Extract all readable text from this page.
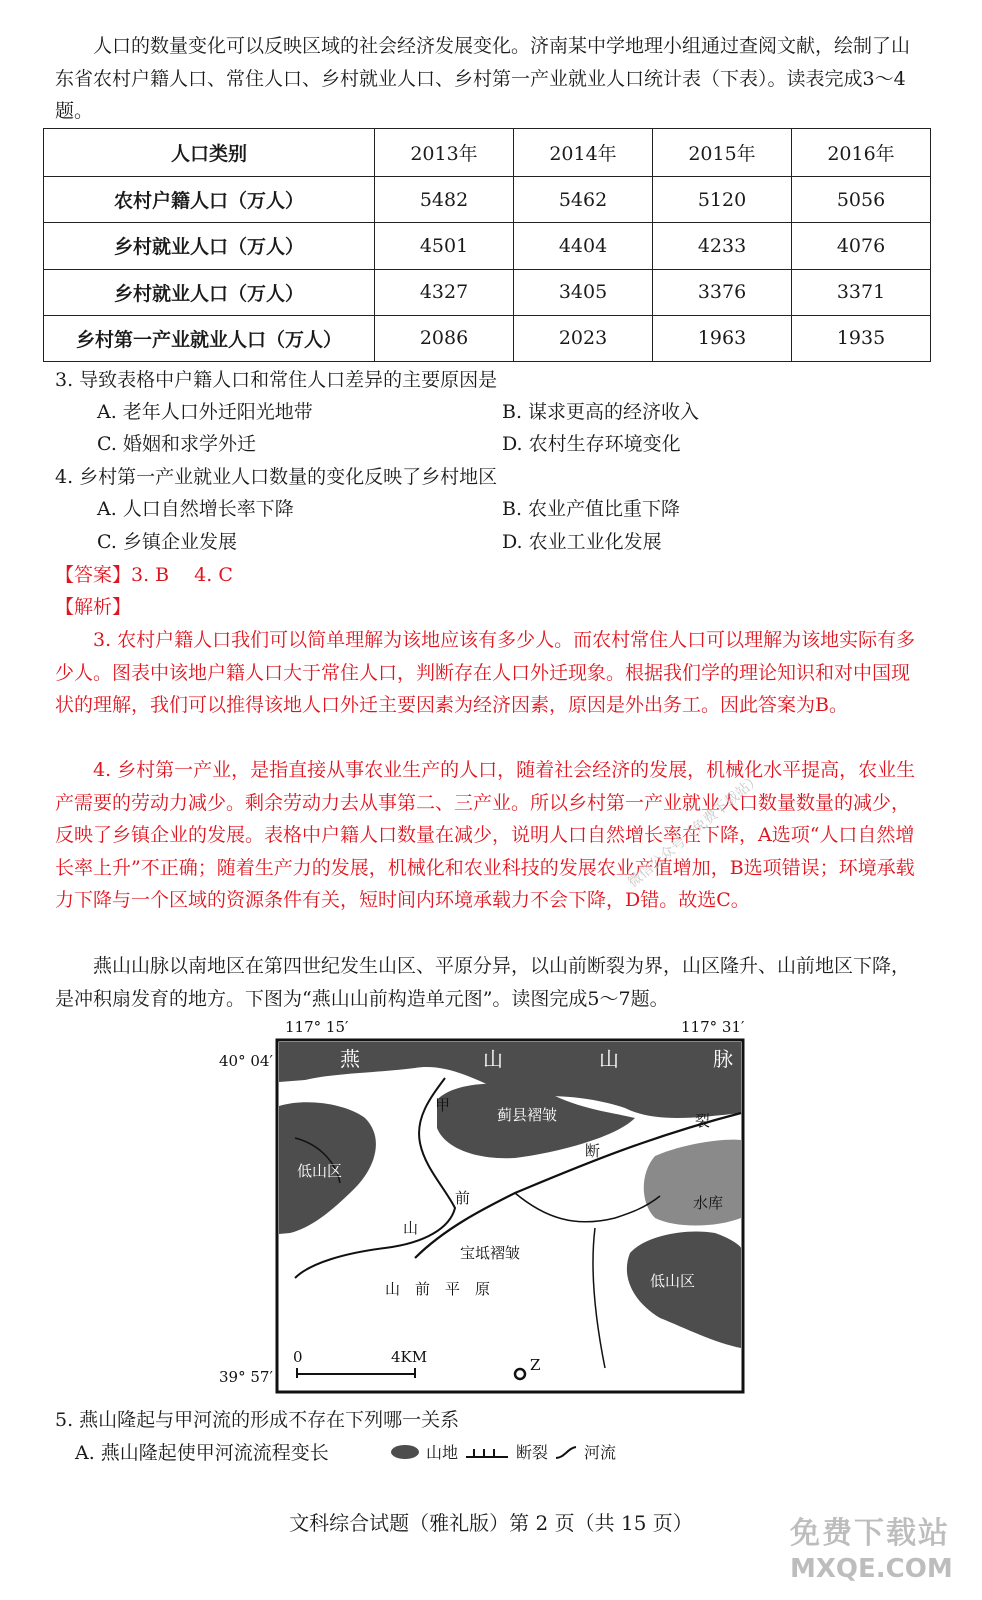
人口的数量变化可以反映区域的社会经济发展变化。济南某中学地理小组通过查阅文献，绘制了山东省农村户籍人口、常住人口、乡村就业人口、乡村第一产业就业人口统计表（下表）。读表完成3～4题。

人口类别	2013年	2014年	2015年	2016年
农村户籍人口（万人）	5482	5462	5120	5056
乡村就业人口（万人）	4501	4404	4233	4076
乡村就业人口（万人）	4327	3405	3376	3371
乡村第一产业就业人口（万人）	2086	2023	1963	1935

3. 导致表格中户籍人口和常住人口差异的主要原因是

A. 老年人口外迁阳光地带	B. 谋求更高的经济收入

C. 婚姻和求学外迁	D. 农村生存环境变化

4. 乡村第一产业就业人口数量的变化反映了乡村地区

A. 人口自然增长率下降	B. 农业产值比重下降

C. 乡镇企业发展	D. 农业工业化发展

【答案】3. B　 4. C

【解析】

3. 农村户籍人口我们可以简单理解为该地应该有多少人。而农村常住人口可以理解为该地实际有多少人。图表中该地户籍人口大于常住人口，判断存在人口外迁现象。根据我们学的理论知识和对中国现状的理解，我们可以推得该地人口外迁主要因素为经济因素，原因是外出务工。因此答案为B。

4. 乡村第一产业，是指直接从事农业生产的人口，随着社会经济的发展，机械化水平提高，农业生产需要的劳动力减少。剩余劳动力去从事第二、三产业。所以乡村第一产业就业人口数量数量的减少，反映了乡镇企业的发展。表格中户籍人口数量在减少，说明人口自然增长率在下降，A选项“人口自然增长率上升”不正确；随着生产力的发展，机械化和农业科技的发展农业产值增加，B选项错误；环境承载力下降与一个区域的资源条件有关，短时间内环境承载力不会下降，D错。故选C。

微信公众号（免费下载站）

燕山山脉以南地区在第四世纪发生山区、平原分异，以山前断裂为界，山区隆升、山前地区下降，是冲积扇发育的地方。下图为“燕山山前构造单元图”。读图完成5～7题。

117° 15′	117° 31′
40° 04′
39° 57′
燕	山	山	脉
甲
蓟县褶皱
低山区
水库
宝坻褶皱
山　前　平　原	低山区
山
前
断
裂
0	4KM	Z

5. 燕山隆起与甲河流的形成不存在下列哪一关系

A. 燕山隆起使甲河流流程变长	山地	断裂 河流
文科综合试题（雅礼版）第 2 页（共 15 页）	免费下载站
MXQE.COM
